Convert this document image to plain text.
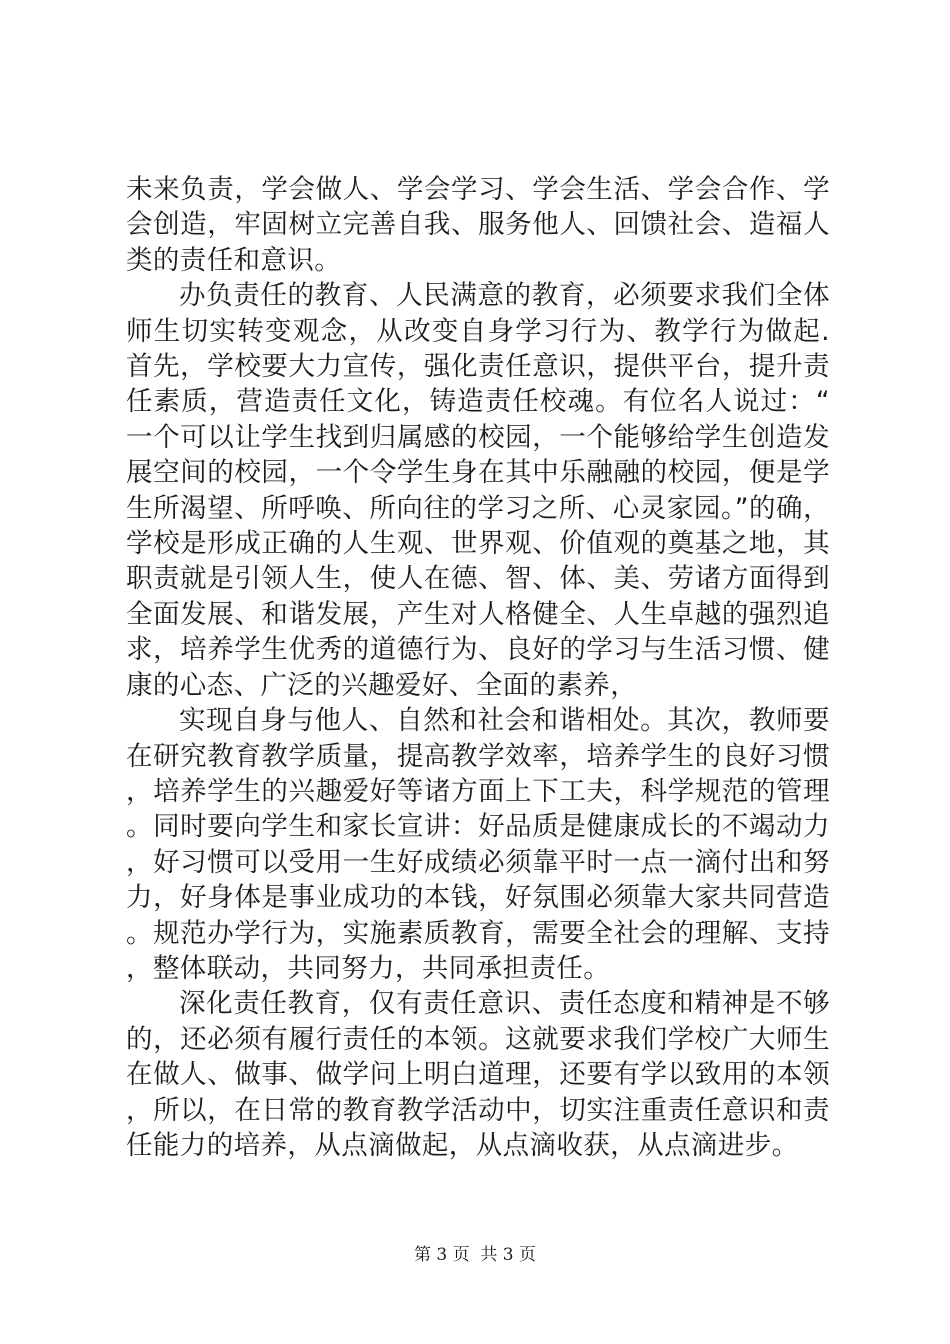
未来负责，学会做人、学会学习、学会生活、学会合作、学会创造，牢固树立完善自我、服务他人、回馈社会、造福人类的责任和意识。

办负责任的教育、人民满意的教育，必须要求我们全体师生切实转变观念，从改变自身学习行为、教学行为做起.首先，学校要大力宣传，强化责任意识，提供平台，提升责任素质，营造责任文化，铸造责任校魂。有位名人说过：“一个可以让学生找到归属感的校园，一个能够给学生创造发展空间的校园，一个令学生身在其中乐融融的校园，便是学生所渴望、所呼唤、所向往的学习之所、心灵家园。”的确，学校是形成正确的人生观、世界观、价值观的奠基之地，其职责就是引领人生，使人在德、智、体、美、劳诸方面得到全面发展、和谐发展，产生对人格健全、人生卓越的强烈追求，培养学生优秀的道德行为、良好的学习与生活习惯、健康的心态、广泛的兴趣爱好、全面的素养，

实现自身与他人、自然和社会和谐相处。其次，教师要在研究教育教学质量，提高教学效率，培养学生的良好习惯，培养学生的兴趣爱好等诸方面上下工夫，科学规范的管理。同时要向学生和家长宣讲：好品质是健康成长的不竭动力，好习惯可以受用一生好成绩必须靠平时一点一滴付出和努力，好身体是事业成功的本钱，好氛围必须靠大家共同营造。规范办学行为，实施素质教育，需要全社会的理解、支持，整体联动，共同努力，共同承担责任。

深化责任教育，仅有责任意识、责任态度和精神是不够的，还必须有履行责任的本领。这就要求我们学校广大师生在做人、做事、做学问上明白道理，还要有学以致用的本领，所以，在日常的教育教学活动中，切实注重责任意识和责任能力的培养，从点滴做起，从点滴收获，从点滴进步。

第 3 页  共 3 页
